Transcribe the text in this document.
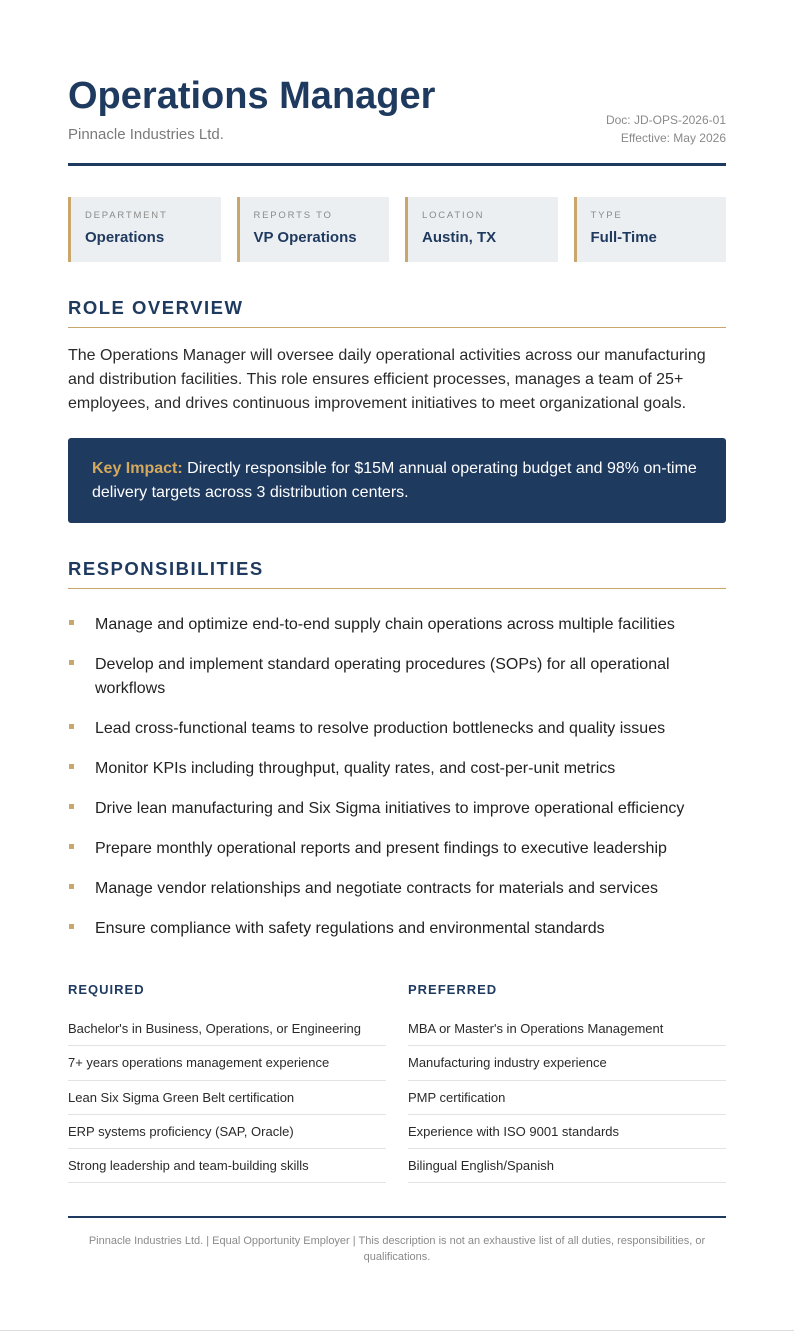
Operations Manager
Pinnacle Industries Ltd.
Doc: JD-OPS-2026-01
Effective: May 2026
DEPARTMENT
Operations
REPORTS TO
VP Operations
LOCATION
Austin, TX
TYPE
Full-Time
ROLE OVERVIEW

The Operations Manager will oversee daily operational activities across our manufacturing and distribution facilities. This role ensures efficient processes, manages a team of 25+ employees, and drives continuous improvement initiatives to meet organizational goals.

Key Impact: Directly responsible for $15M annual operating budget and 98% on-time delivery targets across 3 distribution centers.
RESPONSIBILITIES
Manage and optimize end-to-end supply chain operations across multiple facilities
Develop and implement standard operating procedures (SOPs) for all operational workflows
Lead cross-functional teams to resolve production bottlenecks and quality issues
Monitor KPIs including throughput, quality rates, and cost-per-unit metrics
Drive lean manufacturing and Six Sigma initiatives to improve operational efficiency
Prepare monthly operational reports and present findings to executive leadership
Manage vendor relationships and negotiate contracts for materials and services
Ensure compliance with safety regulations and environmental standards
REQUIRED
Bachelor's in Business, Operations, or Engineering
7+ years operations management experience
Lean Six Sigma Green Belt certification
ERP systems proficiency (SAP, Oracle)
Strong leadership and team-building skills
PREFERRED
MBA or Master's in Operations Management
Manufacturing industry experience
PMP certification
Experience with ISO 9001 standards
Bilingual English/Spanish
Pinnacle Industries Ltd. | Equal Opportunity Employer | This description is not an exhaustive list of all duties, responsibilities, or qualifications.
